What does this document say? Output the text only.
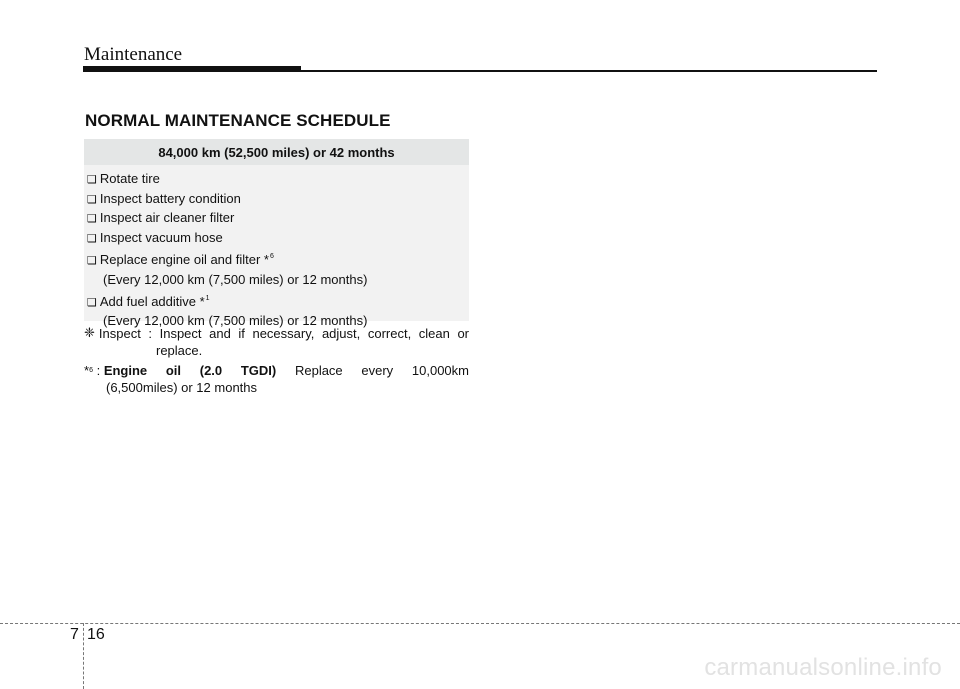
Maintenance
NORMAL MAINTENANCE SCHEDULE
84,000 km (52,500 miles) or 42 months
❑ Rotate tire
❑ Inspect battery condition
❑ Inspect air cleaner filter
❑ Inspect vacuum hose
❑ Replace engine oil and filter *$^6$
(Every 12,000 km (7,500 miles) or 12 months)
❑ Add fuel additive *$^1$
(Every 12,000 km (7,500 miles) or 12 months)
❈ Inspect : Inspect and if necessary, adjust, correct, clean or
replace.
* 6 : Engine oil (2.0 TGDI) Replace every 10,000km
(6,500miles) or 12 months
7 16
carmanualsonline.info
